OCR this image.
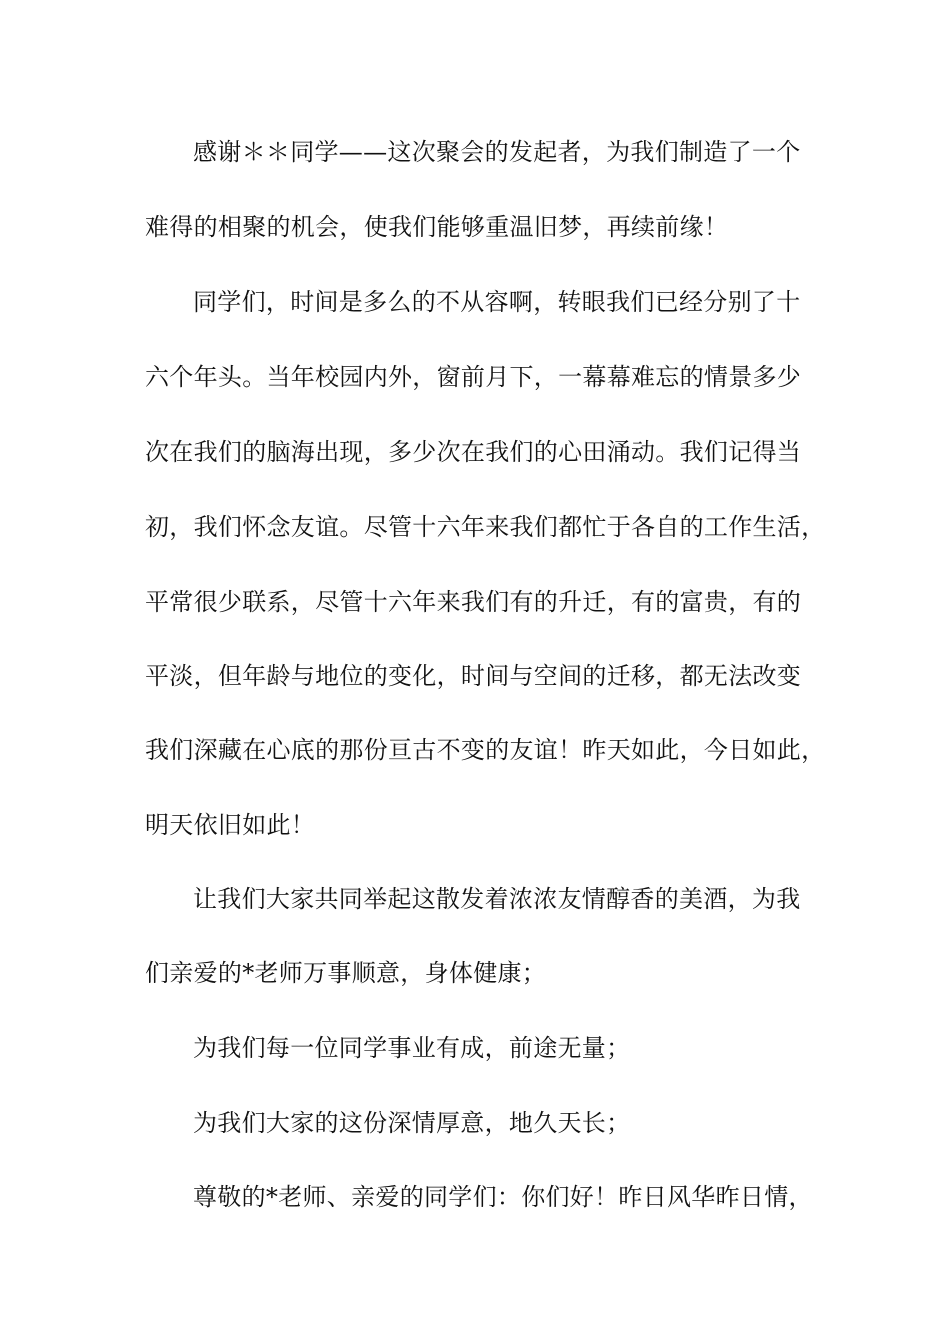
感谢＊＊同学——这次聚会的发起者，为我们制造了一个
难得的相聚的机会，使我们能够重温旧梦，再续前缘！
同学们，时间是多么的不从容啊，转眼我们已经分别了十
六个年头。当年校园内外，窗前月下，一幕幕难忘的情景多少
次在我们的脑海出现，多少次在我们的心田涌动。我们记得当
初，我们怀念友谊。尽管十六年来我们都忙于各自的工作生活，
平常很少联系，尽管十六年来我们有的升迁，有的富贵，有的
平淡，但年龄与地位的变化，时间与空间的迁移，都无法改变
我们深藏在心底的那份亘古不变的友谊！昨天如此，今日如此，
明天依旧如此！
让我们大家共同举起这散发着浓浓友情醇香的美酒，为我
们亲爱的*老师万事顺意，身体健康；
为我们每一位同学事业有成，前途无量；
为我们大家的这份深情厚意，地久天长；
尊敬的*老师、亲爱的同学们：你们好！昨日风华昨日情，
